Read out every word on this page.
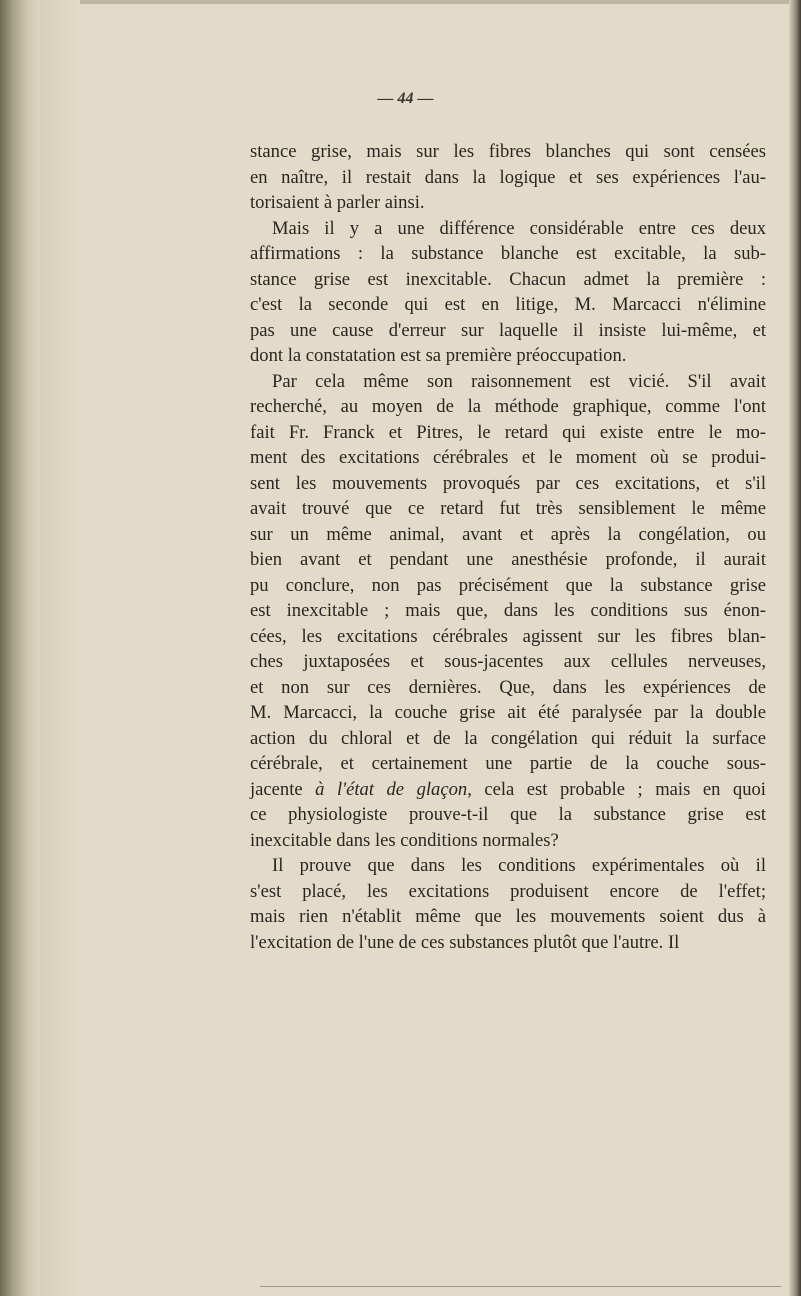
— 44 —
stance grise, mais sur les fibres blanches qui sont censées
en naître, il restait dans la logique et ses expériences l'au-
torisaient à parler ainsi.
Mais il y a une différence considérable entre ces deux
affirmations : la substance blanche est excitable, la sub-
stance grise est inexcitable. Chacun admet la première :
c'est la seconde qui est en litige, M. Marcacci n'élimine
pas une cause d'erreur sur laquelle il insiste lui-même, et
dont la constatation est sa première préoccupation.
Par cela même son raisonnement est vicié. S'il avait
recherché, au moyen de la méthode graphique, comme l'ont
fait Fr. Franck et Pitres, le retard qui existe entre le mo-
ment des excitations cérébrales et le moment où se produi-
sent les mouvements provoqués par ces excitations, et s'il
avait trouvé que ce retard fut très sensiblement le même
sur un même animal, avant et après la congélation, ou
bien avant et pendant une anesthésie profonde, il aurait
pu conclure, non pas précisément que la substance grise
est inexcitable ; mais que, dans les conditions sus énon-
cées, les excitations cérébrales agissent sur les fibres blan-
ches juxtaposées et sous-jacentes aux cellules nerveuses,
et non sur ces dernières. Que, dans les expériences de
M. Marcacci, la couche grise ait été paralysée par la double
action du chloral et de la congélation qui réduit la surface
cérébrale, et certainement une partie de la couche sous-
jacente à l'état de glaçon, cela est probable ; mais en quoi
ce physiologiste prouve-t-il que la substance grise est
inexcitable dans les conditions normales?
Il prouve que dans les conditions expérimentales où il
s'est placé, les excitations produisent encore de l'effet;
mais rien n'établit même que les mouvements soient dus à
l'excitation de l'une de ces substances plutôt que l'autre. Il
